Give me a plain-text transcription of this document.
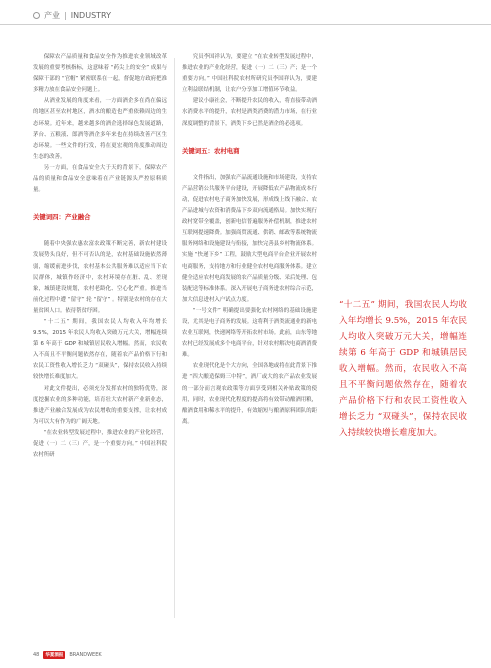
产业 | INDUSTRY

保障农产品质量和食品安全作为推进农业领域改革发展的重要考核指标，这意味着 “药尖上的安全” 成果与保障干部的 “官帽” 紧密联系在一起，督促地方政府把准多精力放在食品安全问题上。

从酒业发展的角度来看，一方面酒企多在尚在偏远的地区甚至农村地区，酒水的酿造也严重依赖周边的生态环境。近年来，越来越多的酒企选择绿色发展道路，茅台、五粮液、郎酒等酒企多年来也在持续改善产区生态环境。一些文件的行发，将在更宏观的角度推动周边生态的改善。

另一方面，在食品安全大于天的背景下，保障农产品的质量和食品安全意味着在产业链源头严控原料质量。

关键词四：产业融合

随着中央强农惠农富农政策不断完善，新农村建设发展势头良好，但不可否认的是，农村基础设施依然薄弱，缩缓前进步伐，农村基本公共服务难以适应当下农民群体，城镇作经济中，农村环境存在脏、乱、差现象，城镇建设规划，农村老龄化、空心化严重。推进当前化过程中遭 “留守” 轮 “留守” 。特别是农村的存在大量贫困人口。依待帮贫纾困。

“十二五” 期间，我国农民人均收入年均增长 9.5%，2015 年农民人均收入突破万元大关，增幅连续第 6 年高于 GDP 和城镇居民收入增幅。然而，农民收入不高且不平衡问题依然存在，随着农产品价格下行和农民工资性收入增长乏力 “双碰头”，保持农民收入持续较快增长难度加大。

对此文件提出，必须充分发挥农村的独特优势，深度挖掘农业的多种功能，培育壮大农村新产业新业态，推进产业融合发展成为农民增收的重要支撑，让农村成为可以大有作为的广阔天地。

“在农业转型发展过程中，推进农业的产业化经营，促进（一）二（三）产，是一个重要方向。” 中国社科院农村所研

究员李国祥认为，要建立 “在农业转型发展过程中，推进农业的产业化经营，促进（一）二（三）产；是一个重要方向。” 中国社科院农村所研究员李国祥认为，要建立利益联结机制，让农户分享加工增值环节收益。

建议小康社会，不断提升农民的收入，将直接带动酒水消费水平的提升，农村是酒类消费的潜力市场，在行业深度调整的背景下，酒类下乡已然是酒企的必选项。

关键词五：农村电商

文件指出，加强农产品流通设施和市场建设，支持农产品营销公共服务平台建设，开展降低农产品物流成本行动，促进农村电子商务加快发展，形成线上线下融合、农产品进城与农资和消费品下乡双向流通格局。加快实现行政村宽带全覆盖，创新电信普遍服务补偿机制，推进农村互联网提速降费。加强商贸流通、供销、邮政等系统物流服务网络和设施建设与衔接，加快完善县乡村物流体系。实施 “快递下乡” 工程，鼓励大型电商平台企业开展农村电商服务，支持地方和行业健全农村电商服务体系。建立健全适应农村电商发展的农产品质量分级、采后处理、包装配送等标准体系。深入开展电子商务进农村综合示范，加大信息进村入户试点力度。

“一号文件” 明确提出要强化农村网络的基础设施建设，尤其是电子商务的发展。这将利于酒类流通业的新电农业互联网，快递网络等开拓农村市场。此前，山东等地农村已经发展成多个电商平台，针对农村解决电商酒消费难。

农业现代化是个大方向，全国各地或将在此背景下推进 “四大酿造保姆三中特”，酒厂或大的农产品农业发展的一部分而言观农政策等方面享受到相关补贴政策的使用，同时，农业现代化程度的提高将有效带动酿酒用粮，酿酒食用和稀水平的提升，有效缩短与酿酒原料团队的距离。

“十二五” 期间，我国农民人均收入年均增长 9.5%，2015 年农民人均收入突破万元大关，增幅连续第 6 年高于 GDP 和城镇居民收入增幅。然而，农民收入不高且不平衡问题依然存在，随着农产品价格下行和农民工资性收入增长乏力 “双碰头”，保持农民收入持续较快增长难度加大。
48	华夏酒报	BRANDWEEK
